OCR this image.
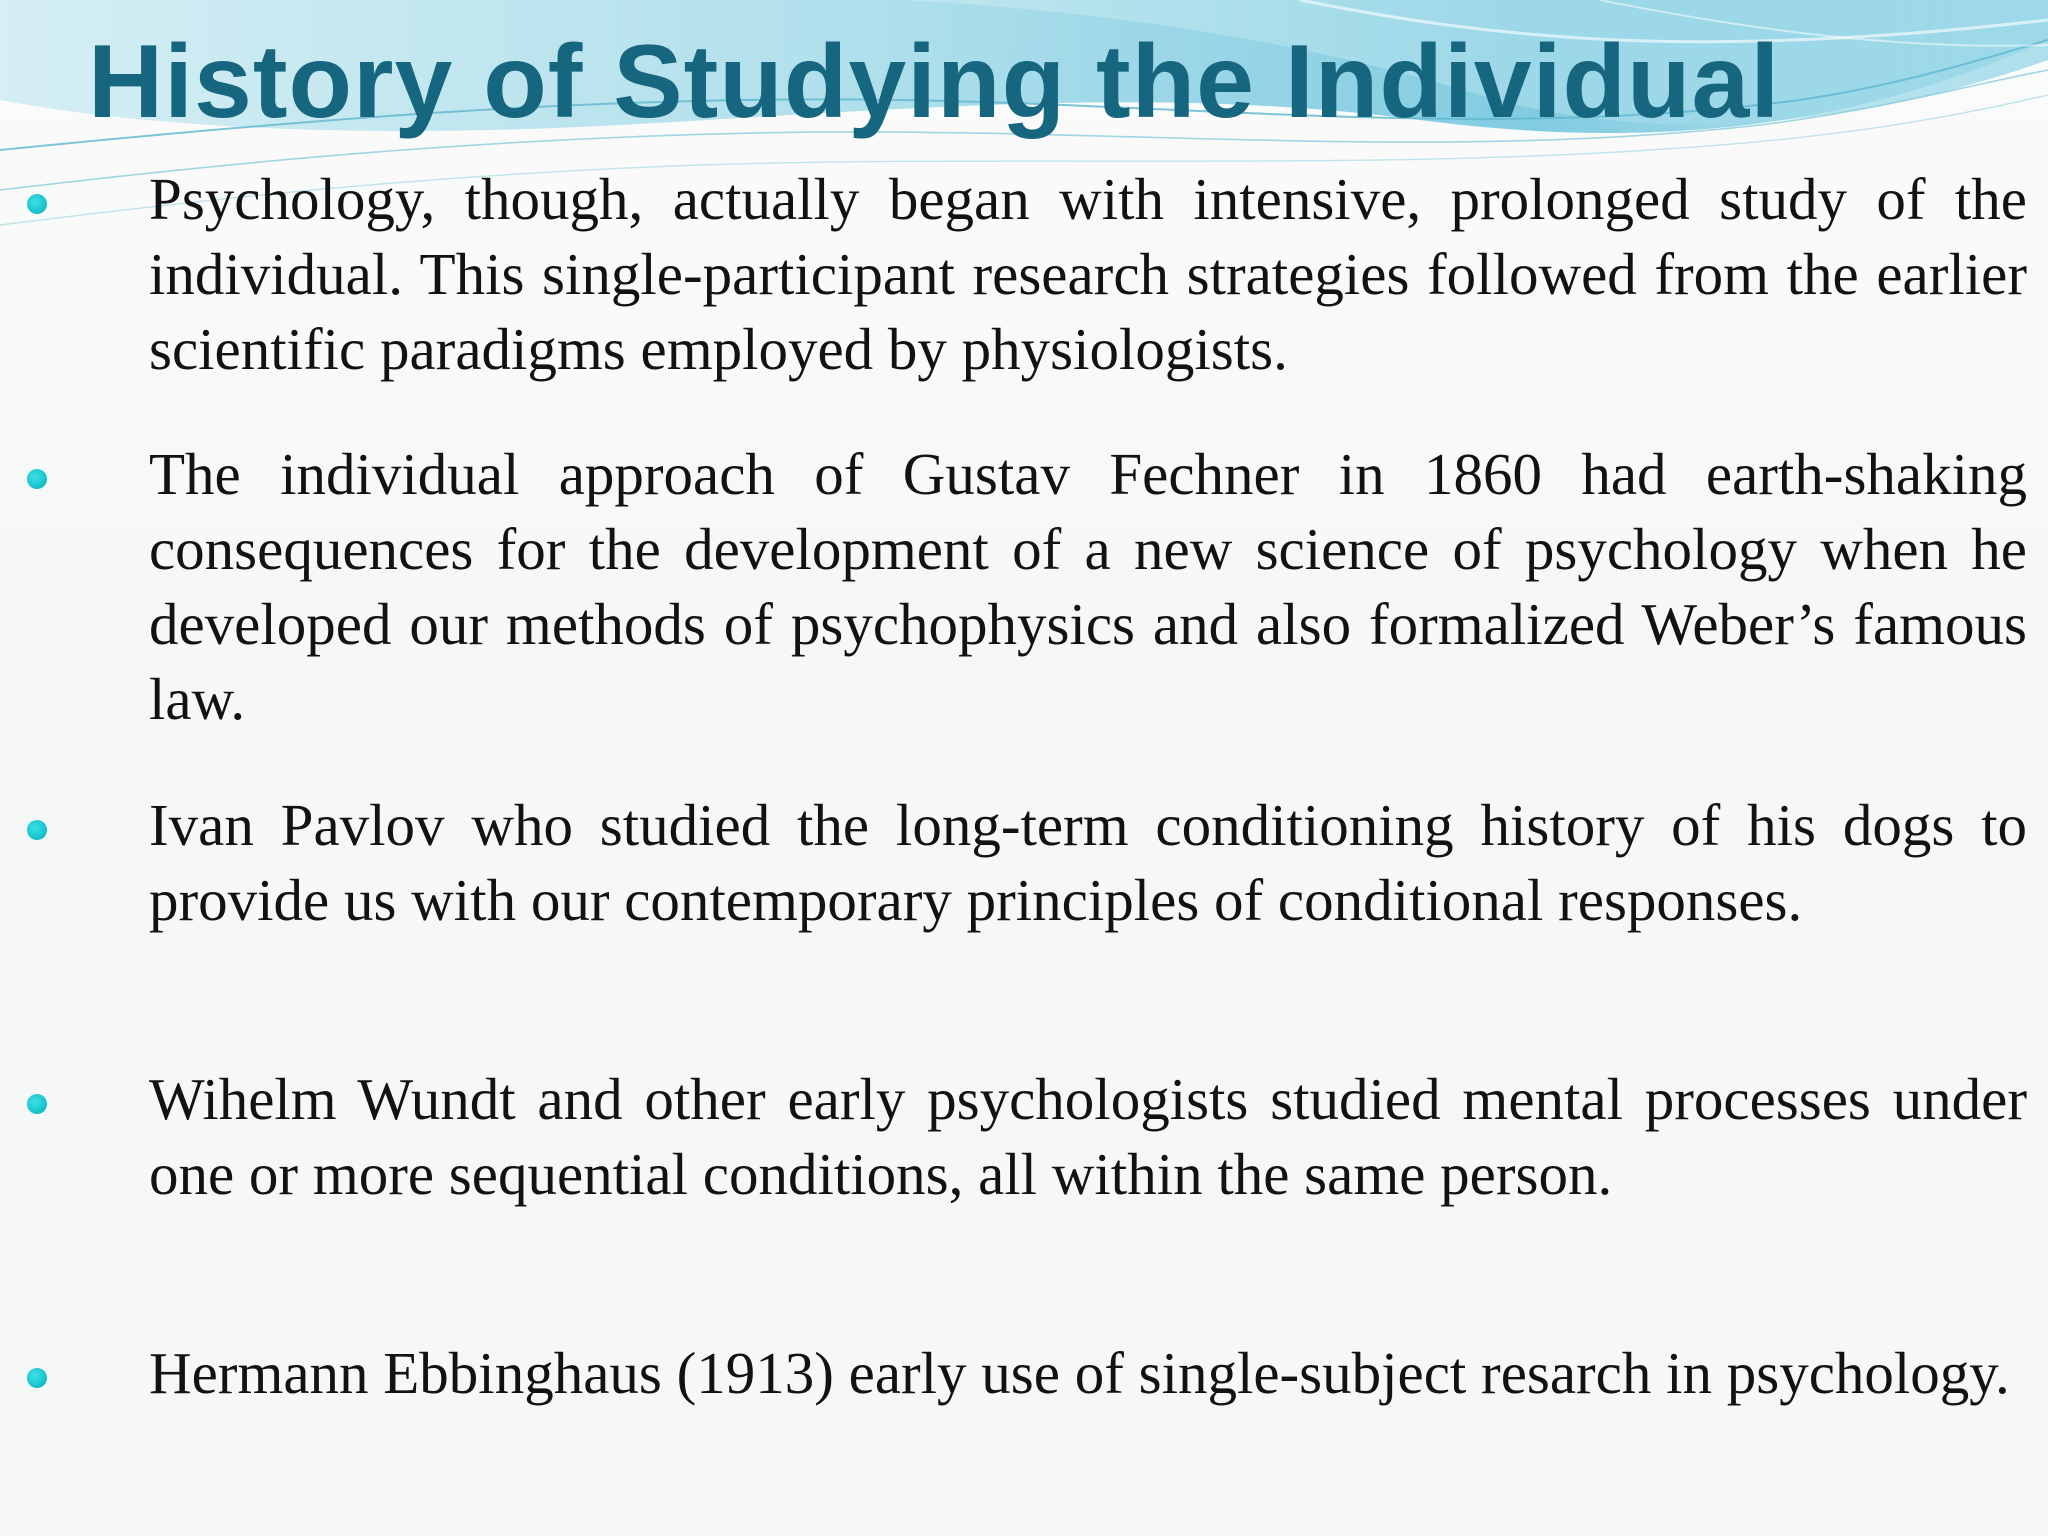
History of Studying the Individual

Psychology, though, actually began with intensive, prolonged study of the individual. This single-participant research strategies followed from the earlier scientific paradigms employed by physiologists.

The individual approach of Gustav Fechner in 1860 had earth-shaking consequences for the development of a new science of psychology when he developed our methods of psychophysics and also formalized Weber’s famous law.

Ivan Pavlov who studied the long-term conditioning history of his dogs to provide us with our contemporary principles of conditional responses.

Wihelm Wundt and other early psychologists studied mental processes under one or more sequential conditions, all within the same person.

Hermann Ebbinghaus (1913) early use of single-subject resarch in psychology.
